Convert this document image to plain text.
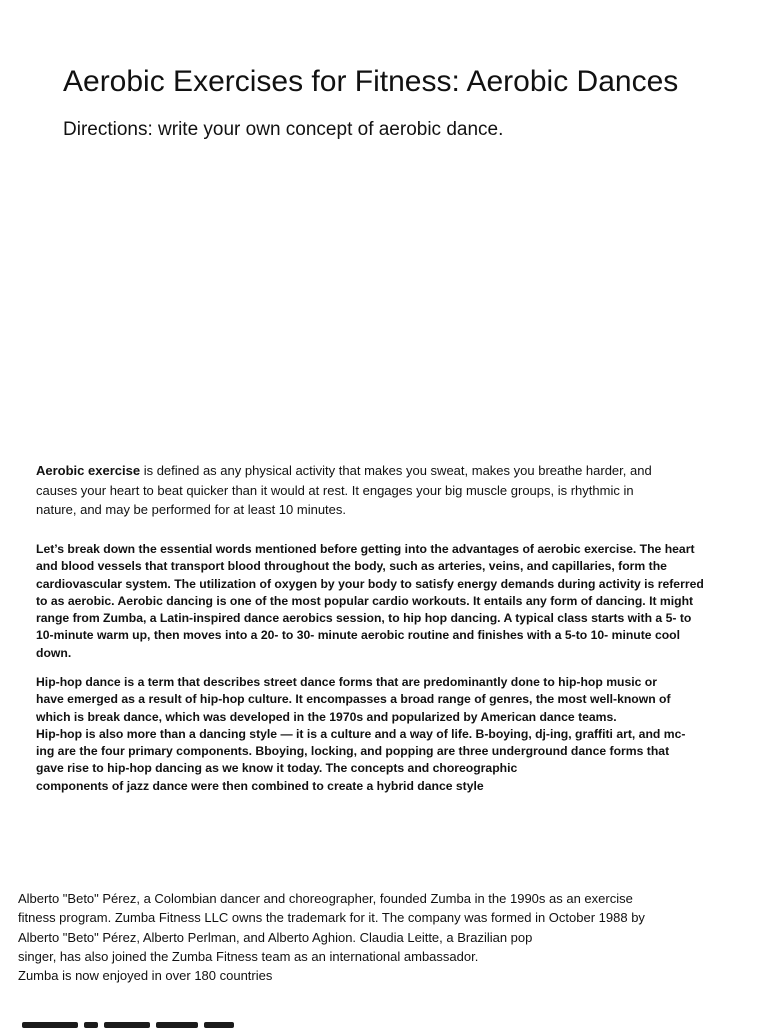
Aerobic Exercises for Fitness: Aerobic Dances

Directions: write your own concept of aerobic dance.

Aerobic exercise is defined as any physical activity that makes you sweat, makes you breathe harder, and
causes your heart to beat quicker than it would at rest. It engages your big muscle groups, is rhythmic in
nature, and may be performed for at least 10 minutes.
Let’s break down the essential words mentioned before getting into the advantages of aerobic exercise. The heart
and blood vessels that transport blood throughout the body, such as arteries, veins, and capillaries, form the
cardiovascular system. The utilization of oxygen by your body to satisfy energy demands during activity is referred
to as aerobic. Aerobic dancing is one of the most popular cardio workouts. It entails any form of dancing. It might
range from Zumba, a Latin-inspired dance aerobics session, to hip hop dancing. A typical class starts with a 5- to
10-minute warm up, then moves into a 20- to 30- minute aerobic routine and finishes with a 5-to 10- minute cool
down.
Hip-hop dance is a term that describes street dance forms that are predominantly done to hip-hop music or
have emerged as a result of hip-hop culture. It encompasses a broad range of genres, the most well-known of
which is break dance, which was developed in the 1970s and popularized by American dance teams.
Hip-hop is also more than a dancing style — it is a culture and a way of life. B-boying, dj-ing, graffiti art, and mc-
ing are the four primary components. Bboying, locking, and popping are three underground dance forms that
gave rise to hip-hop dancing as we know it today. The concepts and choreographic
components of jazz dance were then combined to create a hybrid dance style
Alberto "Beto" Pérez, a Colombian dancer and choreographer, founded Zumba in the 1990s as an exercise
fitness program. Zumba Fitness LLC owns the trademark for it. The company was formed in October 1988 by
Alberto "Beto" Pérez, Alberto Perlman, and Alberto Aghion. Claudia Leitte, a Brazilian pop
singer, has also joined the Zumba Fitness team as an international ambassador.
Zumba is now enjoyed in over 180 countries
